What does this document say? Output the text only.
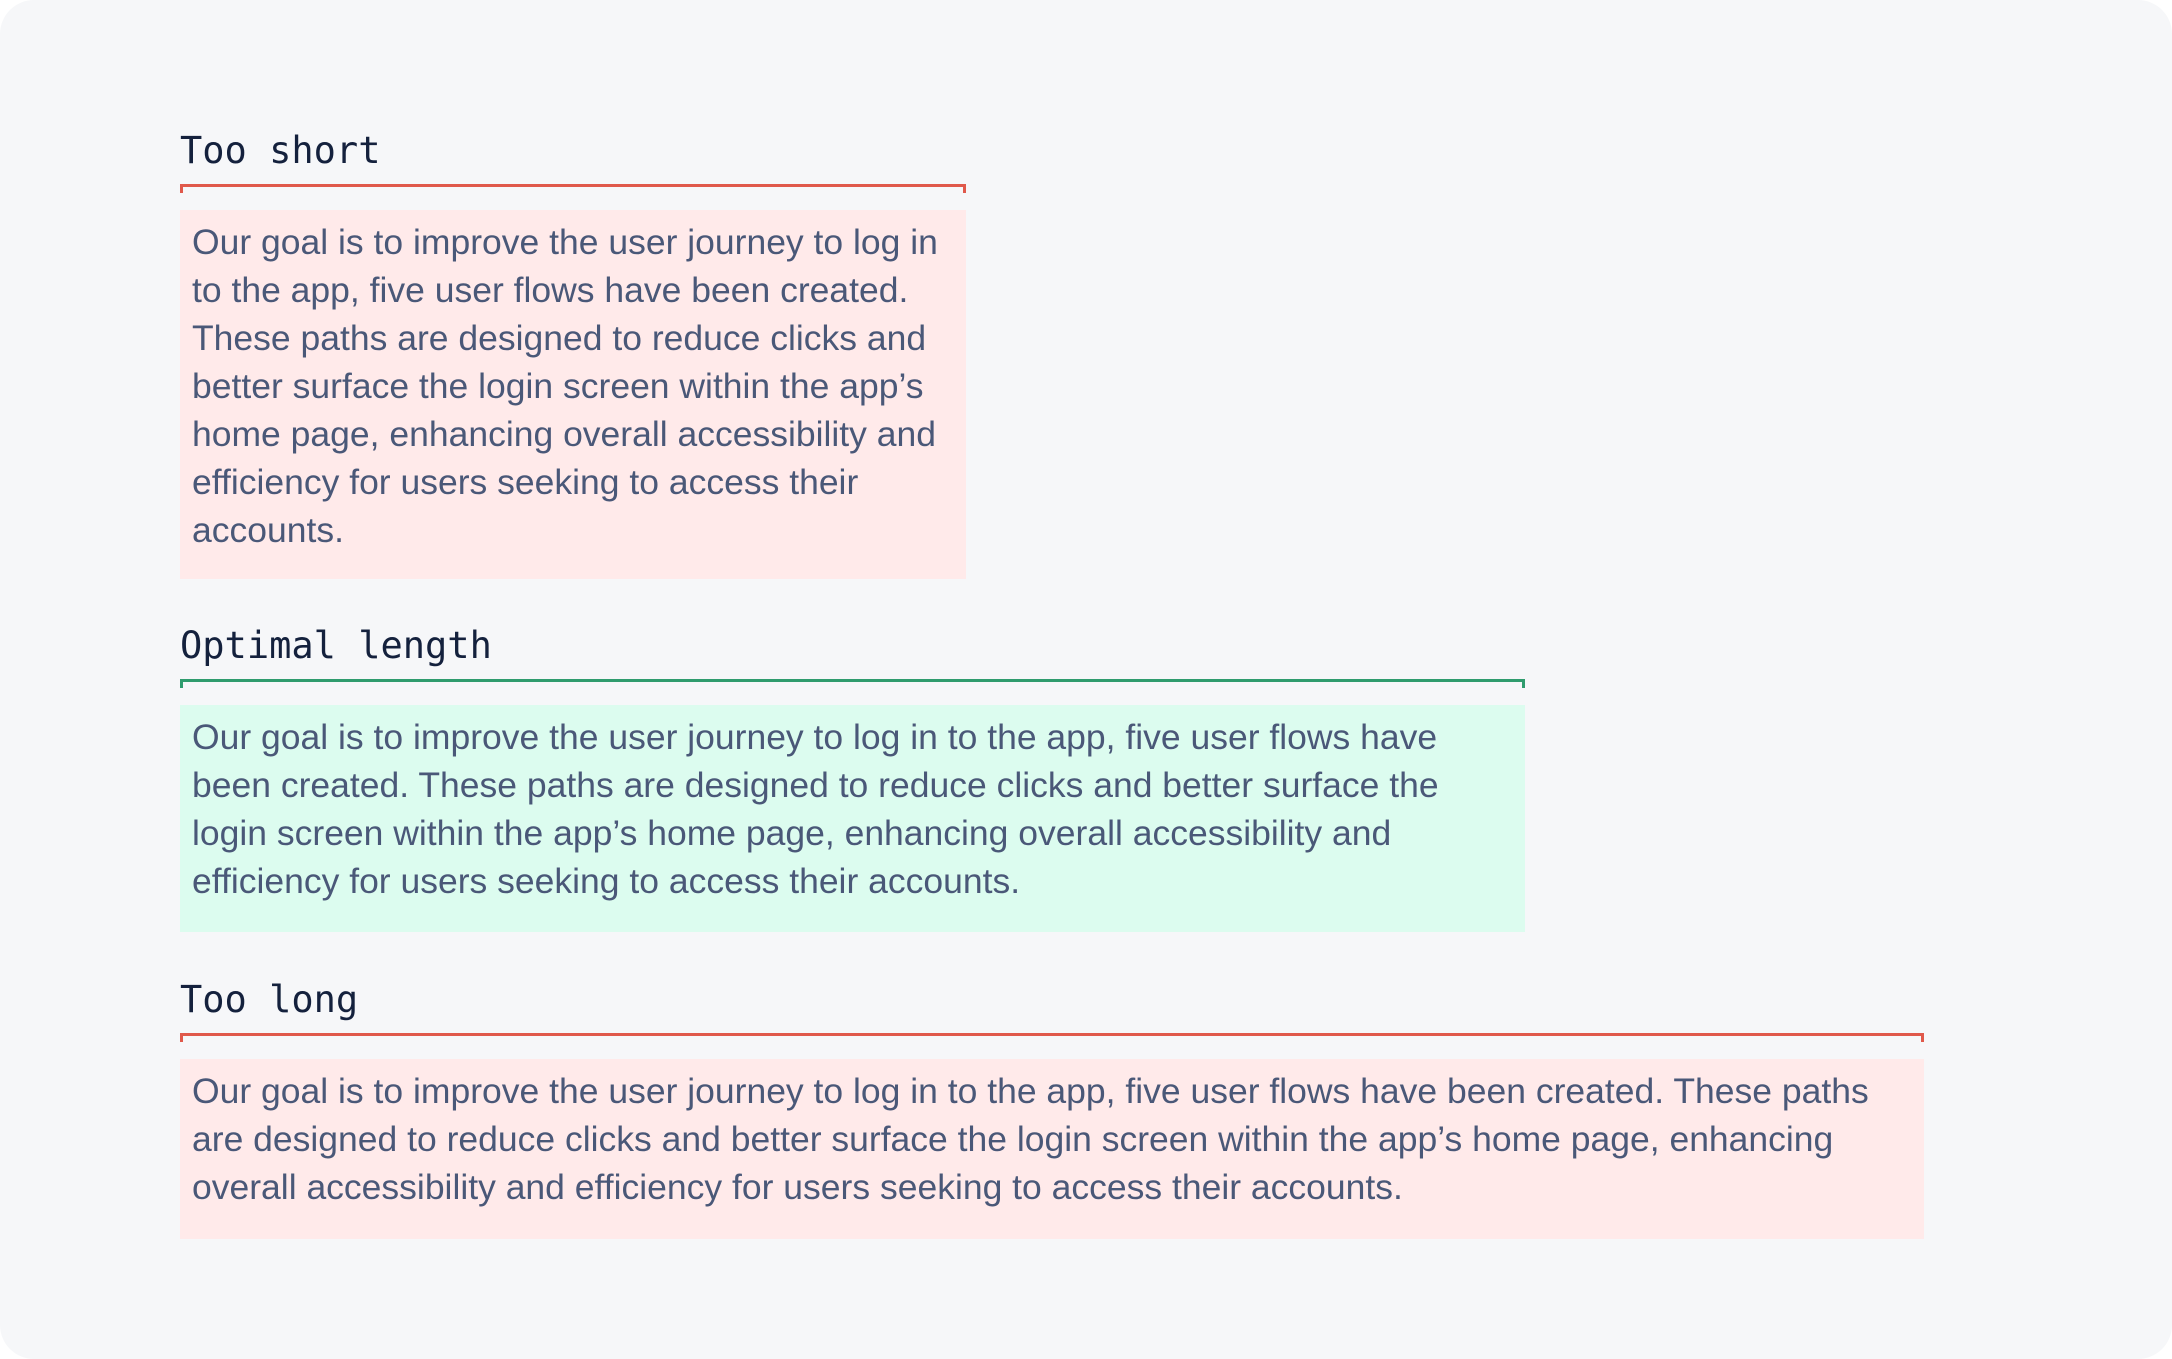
Too short

Our goal is to improve the user journey to log in to the app, five user flows have been created. These paths are designed to reduce clicks and better surface the login screen within the app’s home page, enhancing overall accessibility and efficiency for users seeking to access their accounts.

Optimal length

Our goal is to improve the user journey to log in to the app, five user flows have been created. These paths are designed to reduce clicks and better surface the login screen within the app’s home page, enhancing overall accessibility and efficiency for users seeking to access their accounts.

Too long

Our goal is to improve the user journey to log in to the app, five user flows have been created. These paths are designed to reduce clicks and better surface the login screen within the app’s home page, enhancing overall accessibility and efficiency for users seeking to access their accounts.
